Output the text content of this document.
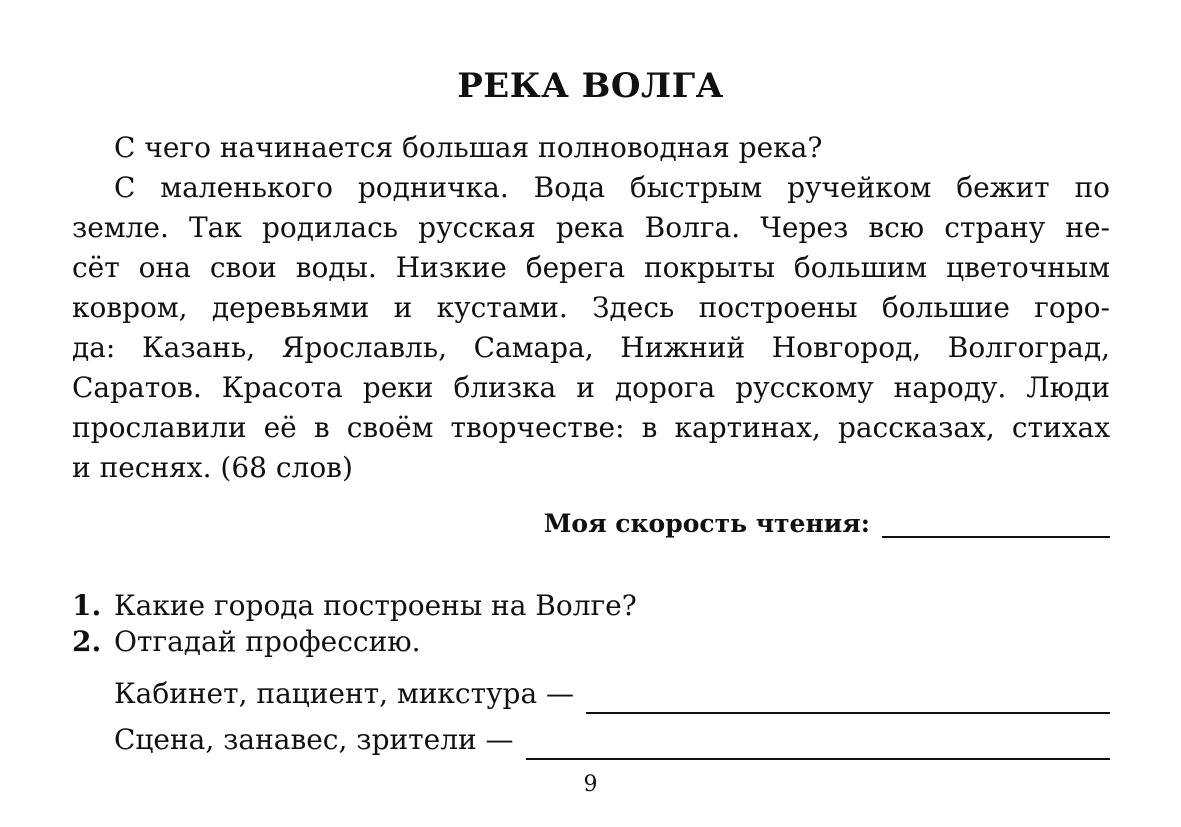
РЕКА ВОЛГА
С чего начинается большая полноводная река?
С маленького родничка. Вода быстрым ручейком бежит по
земле. Так родилась русская река Волга. Через всю страну не-
сёт она свои воды. Низкие берега покрыты большим цветочным
ковром, деревьями и кустами. Здесь построены большие горо-
да: Казань, Ярославль, Самара, Нижний Новгород, Волгоград,
Саратов. Красота реки близка и дорога русскому народу. Люди
прославили её в своём творчестве: в картинах, рассказах, стихах
и песнях. (68 слов)
Моя скорость чтения:
1. Какие города построены на Волге?
2. Отгадай профессию.
Кабинет, пациент, микстура —
Сцена, занавес, зрители —
9
